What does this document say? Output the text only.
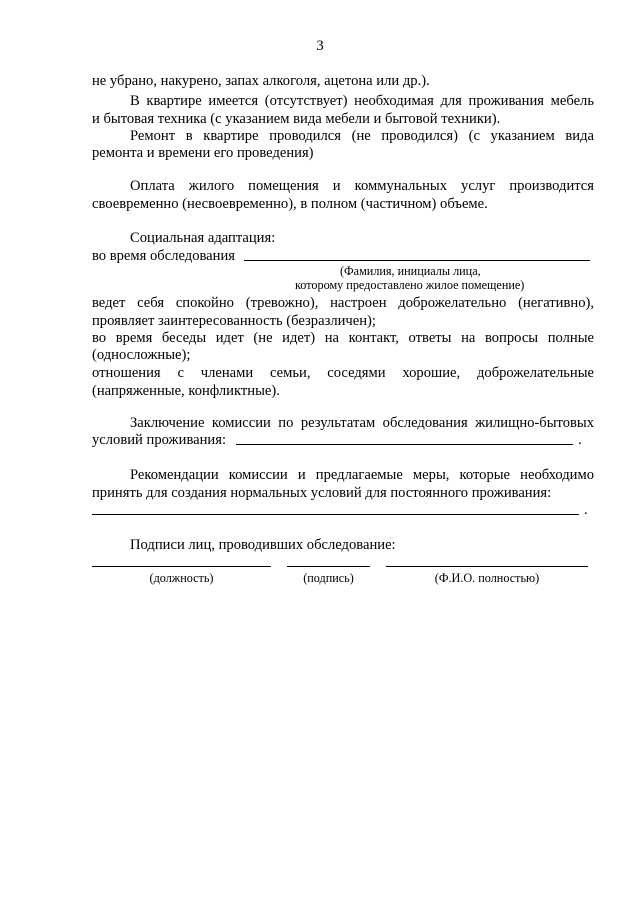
3
не убрано, накурено, запах алкоголя, ацетона или др.).
В квартире имеется (отсутствует) необходимая для проживания мебель
и бытовая техника (с указанием вида мебели и бытовой техники).
Ремонт в квартире проводился (не проводился) (с указанием вида
ремонта и времени его проведения)
Оплата жилого помещения и коммунальных услуг производится
своевременно (несвоевременно), в полном (частичном) объеме.
Социальная адаптация:
во время обследования
(Фамилия, инициалы лица,
которому предоставлено жилое помещение)
ведет себя спокойно (тревожно), настроен доброжелательно (негативно),
проявляет заинтересованность (безразличен);
во время беседы идет (не идет) на контакт, ответы на вопросы полные
(односложные);
отношения с членами семьи, соседями хорошие, доброжелательные
(напряженные, конфликтные).
Заключение комиссии по результатам обследования жилищно-бытовых
условий проживания:	.
Рекомендации комиссии и предлагаемые меры, которые необходимо
принять для создания нормальных условий для постоянного проживания:
.
Подписи лиц, проводивших обследование:
(должность)	(подпись)	(Ф.И.О. полностью)
